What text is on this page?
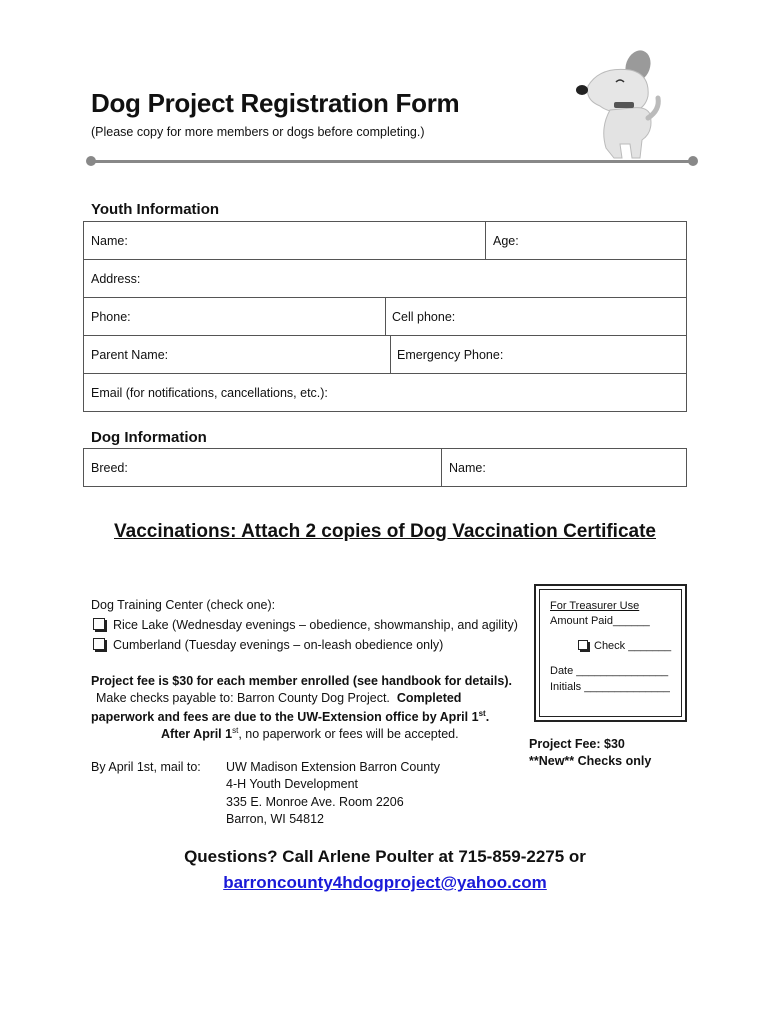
Dog Project Registration Form
(Please copy for more members or dogs before completing.)
Youth Information
Name:	Age:
Address:
Phone:	Cell phone:
Parent Name:	Emergency Phone:
Email (for notifications, cancellations, etc.):
Dog Information
Breed:	Name:
Vaccinations: Attach 2 copies of Dog Vaccination Certificate
Dog Training Center (check one):
Rice Lake (Wednesday evenings – obedience, showmanship, and agility)
Cumberland (Tuesday evenings – on-leash obedience only)
Project fee is $30 for each member enrolled (see handbook for details).
Make checks payable to: Barron County Dog Project. Completed
paperwork and fees are due to the UW-Extension office by April 1st.
After April 1st, no paperwork or fees will be accepted.
By April 1st, mail to: UW Madison Extension Barron County
4-H Youth Development
335 E. Monroe Ave. Room 2206
Barron, WI 54812
For Treasurer Use
Amount Paid______
Check _______
Date _______________
Initials ______________
Project Fee: $30
**New** Checks only
Questions? Call Arlene Poulter at 715-859-2275 or
barroncounty4hdogproject@yahoo.com
